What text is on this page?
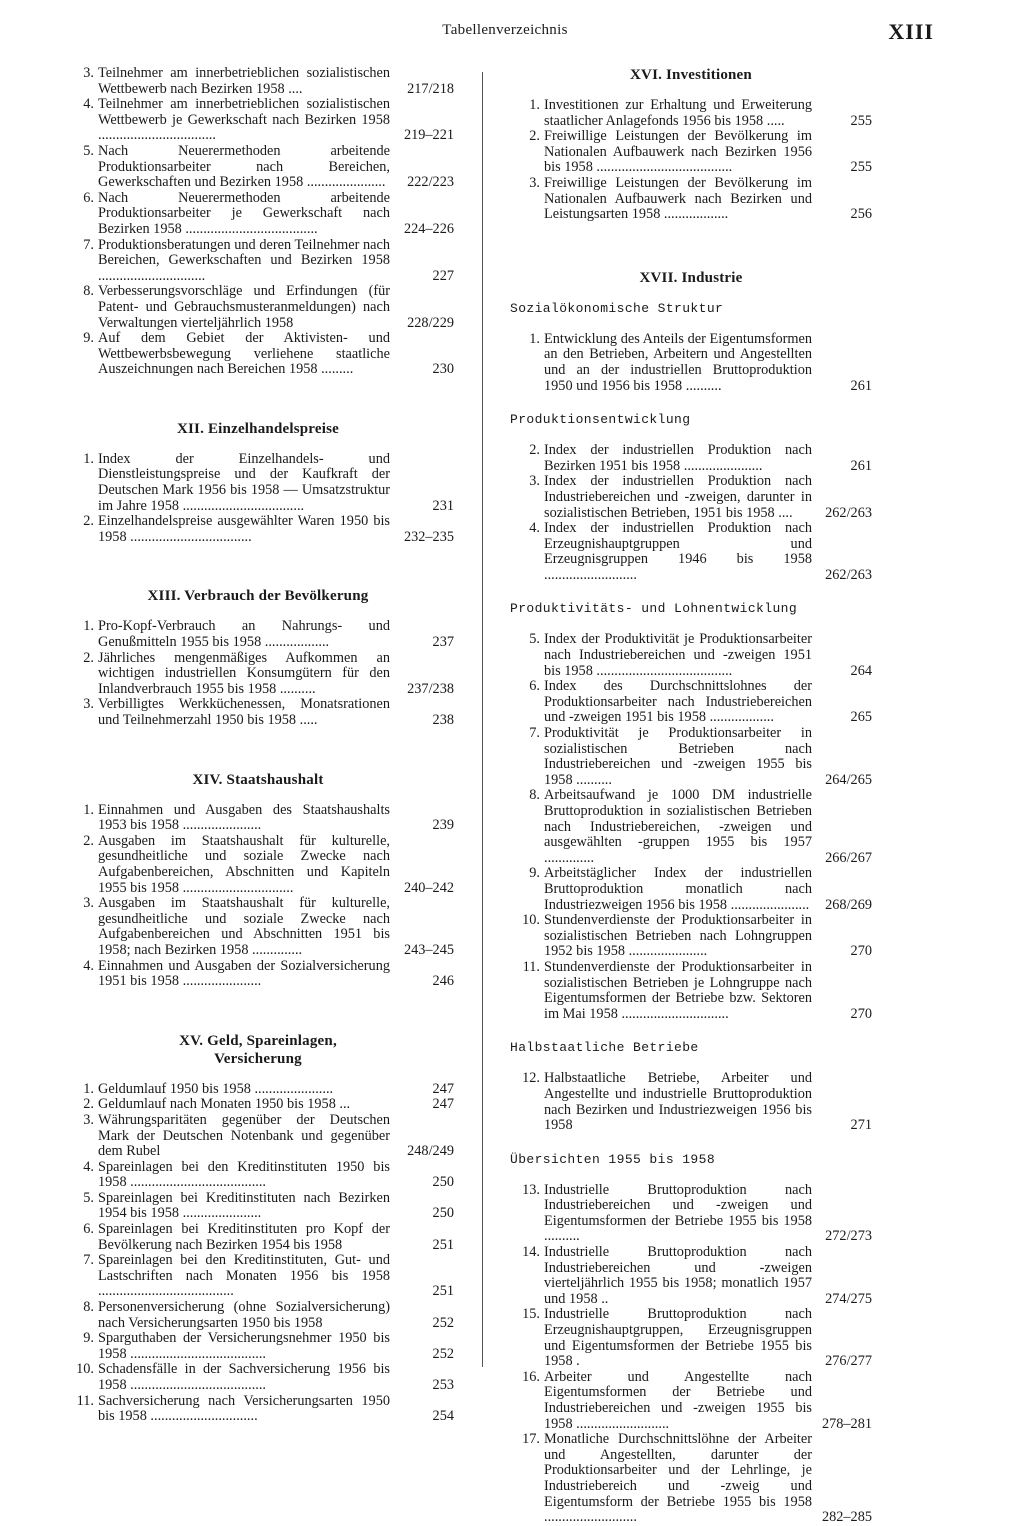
Tabellenverzeichnis	XIII
3. Teilnehmer am innerbetrieblichen sozialistischen Wettbewerb nach Bezirken 1958 ....	217/218
4. Teilnehmer am innerbetrieblichen sozialistischen Wettbewerb je Gewerkschaft nach Bezirken 1958 .................................	219–221
5. Nach Neuerermethoden arbeitende Produktionsarbeiter nach Bereichen, Gewerkschaften und Bezirken 1958 ......................	222/223
6. Nach Neuerermethoden arbeitende Produktionsarbeiter je Gewerkschaft nach Bezirken 1958 .....................................	224–226
7. Produktionsberatungen und deren Teilnehmer nach Bereichen, Gewerkschaften und Bezirken 1958 ..............................	227
8. Verbesserungsvorschläge und Erfindungen (für Patent- und Gebrauchsmusteranmeldungen) nach Verwaltungen vierteljährlich 1958	228/229
9. Auf dem Gebiet der Aktivisten- und Wettbewerbsbewegung verliehene staatliche Auszeichnungen nach Bereichen 1958 .........	230
XII. Einzelhandelspreise
1. Index der Einzelhandels- und Dienstleistungspreise und der Kaufkraft der Deutschen Mark 1956 bis 1958 — Umsatzstruktur im Jahre 1958 ..................................	231
2. Einzelhandelspreise ausgewählter Waren 1950 bis 1958 ..................................	232–235
XIII. Verbrauch der Bevölkerung
1. Pro-Kopf-Verbrauch an Nahrungs- und Genußmitteln 1955 bis 1958 ..................	237
2. Jährliches mengenmäßiges Aufkommen an wichtigen industriellen Konsumgütern für den Inlandverbrauch 1955 bis 1958 ..........	237/238
3. Verbilligtes Werkküchenessen, Monatsrationen und Teilnehmerzahl 1950 bis 1958 .....	238
XIV. Staatshaushalt
1. Einnahmen und Ausgaben des Staatshaushalts 1953 bis 1958 ......................	239
2. Ausgaben im Staatshaushalt für kulturelle, gesundheitliche und soziale Zwecke nach Aufgabenbereichen, Abschnitten und Kapiteln 1955 bis 1958 ...............................	240–242
3. Ausgaben im Staatshaushalt für kulturelle, gesundheitliche und soziale Zwecke nach Aufgabenbereichen und Abschnitten 1951 bis 1958; nach Bezirken 1958 ..............	243–245
4. Einnahmen und Ausgaben der Sozialversicherung 1951 bis 1958 ......................	246
XV. Geld, Spareinlagen,
Versicherung
1. Geldumlauf 1950 bis 1958 ......................	247
2. Geldumlauf nach Monaten 1950 bis 1958 ...	247
3. Währungsparitäten gegenüber der Deutschen Mark der Deutschen Notenbank und gegenüber dem Rubel	248/249
4. Spareinlagen bei den Kreditinstituten 1950 bis 1958 ......................................	250
5. Spareinlagen bei Kreditinstituten nach Bezirken 1954 bis 1958 ......................	250
6. Spareinlagen bei Kreditinstituten pro Kopf der Bevölkerung nach Bezirken 1954 bis 1958	251
7. Spareinlagen bei den Kreditinstituten, Gut- und Lastschriften nach Monaten 1956 bis 1958 ......................................	251
8. Personenversicherung (ohne Sozialversicherung) nach Versicherungsarten 1950 bis 1958	252
9. Sparguthaben der Versicherungsnehmer 1950 bis 1958 ......................................	252
10. Schadensfälle in der Sachversicherung 1956 bis 1958 ......................................	253
11. Sachversicherung nach Versicherungsarten 1950 bis 1958 ..............................	254
XVI. Investitionen
1. Investitionen zur Erhaltung und Erweiterung staatlicher Anlagefonds 1956 bis 1958 .....	255
2. Freiwillige Leistungen der Bevölkerung im Nationalen Aufbauwerk nach Bezirken 1956 bis 1958 ......................................	255
3. Freiwillige Leistungen der Bevölkerung im Nationalen Aufbauwerk nach Bezirken und Leistungsarten 1958 ..................	256
XVII. Industrie
Sozialökonomische Struktur
1. Entwicklung des Anteils der Eigentumsformen an den Betrieben, Arbeitern und Angestellten und an der industriellen Bruttoproduktion 1950 und 1956 bis 1958 ..........	261
Produktionsentwicklung
2. Index der industriellen Produktion nach Bezirken 1951 bis 1958 ......................	261
3. Index der industriellen Produktion nach Industriebereichen und -zweigen, darunter in sozialistischen Betrieben, 1951 bis 1958 ....	262/263
4. Index der industriellen Produktion nach Erzeugnishauptgruppen und Erzeugnisgruppen 1946 bis 1958 ..........................	262/263
Produktivitäts- und Lohnentwicklung
5. Index der Produktivität je Produktionsarbeiter nach Industriebereichen und -zweigen 1951 bis 1958 ......................................	264
6. Index des Durchschnittslohnes der Produktionsarbeiter nach Industriebereichen und -zweigen 1951 bis 1958 ..................	265
7. Produktivität je Produktionsarbeiter in sozialistischen Betrieben nach Industriebereichen und -zweigen 1955 bis 1958 ..........	264/265
8. Arbeitsaufwand je 1000 DM industrielle Bruttoproduktion in sozialistischen Betrieben nach Industriebereichen, -zweigen und ausgewählten -gruppen 1955 bis 1957 ..............	266/267
9. Arbeitstäglicher Index der industriellen Bruttoproduktion monatlich nach Industriezweigen 1956 bis 1958 ......................	268/269
10. Stundenverdienste der Produktionsarbeiter in sozialistischen Betrieben nach Lohngruppen 1952 bis 1958 ......................	270
11. Stundenverdienste der Produktionsarbeiter in sozialistischen Betrieben je Lohngruppe nach Eigentumsformen der Betriebe bzw. Sektoren im Mai 1958 ..............................	270
Halbstaatliche Betriebe
12. Halbstaatliche Betriebe, Arbeiter und Angestellte und industrielle Bruttoproduktion nach Bezirken und Industriezweigen 1956 bis 1958	271
Übersichten 1955 bis 1958
13. Industrielle Bruttoproduktion nach Industriebereichen und -zweigen und Eigentumsformen der Betriebe 1955 bis 1958 ..........	272/273
14. Industrielle Bruttoproduktion nach Industriebereichen und -zweigen vierteljährlich 1955 bis 1958; monatlich 1957 und 1958 ..	274/275
15. Industrielle Bruttoproduktion nach Erzeugnishauptgruppen, Erzeugnisgruppen und Eigentumsformen der Betriebe 1955 bis 1958 .	276/277
16. Arbeiter und Angestellte nach Eigentumsformen der Betriebe und Industriebereichen und -zweigen 1955 bis 1958 ..........................	278–281
17. Monatliche Durchschnittslöhne der Arbeiter und Angestellten, darunter der Produktionsarbeiter und der Lehrlinge, je Industriebereich und -zweig und Eigentumsform der Betriebe 1955 bis 1958 ..........................	282–285
